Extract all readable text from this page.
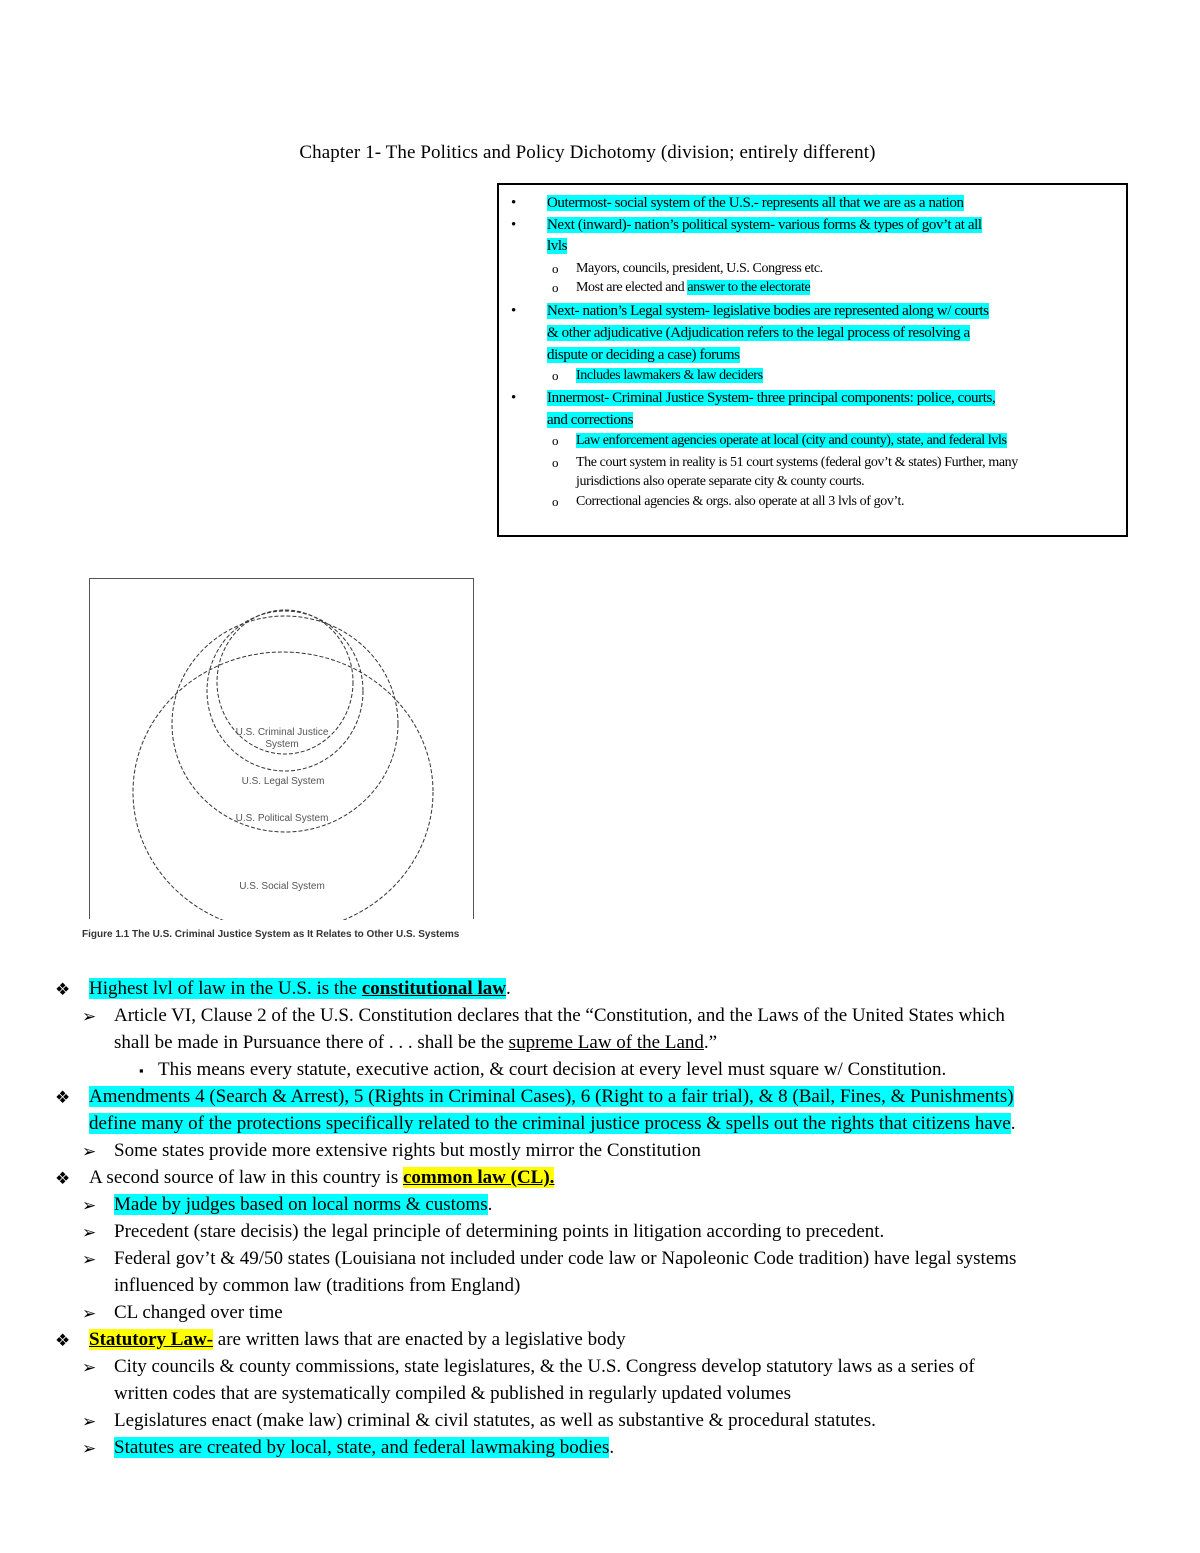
Chapter 1- The Politics and Policy Dichotomy (division; entirely different)
• Outermost- social system of the U.S.- represents all that we are as a nation
• Next (inward)- nation’s political system- various forms & types of gov’t at all
lvls
o Mayors, councils, president, U.S. Congress etc.
o Most are elected and answer to the electorate
• Next- nation’s Legal system- legislative bodies are represented along w/ courts
& other adjudicative (Adjudication refers to the legal process of resolving a
dispute or deciding a case) forums
o Includes lawmakers & law deciders
• Innermost- Criminal Justice System- three principal components: police, courts,
and corrections
o Law enforcement agencies operate at local (city and county), state, and federal lvls
o The court system in reality is 51 court systems (federal gov’t & states) Further, many
jurisdictions also operate separate city & county courts.
o Correctional agencies & orgs. also operate at all 3 lvls of gov’t.
U.S. Criminal Justice
System
U.S. Legal System
U.S. Political System
U.S. Social System
Figure 1.1 The U.S. Criminal Justice System as It Relates to Other U.S. Systems
❖ Highest lvl of law in the U.S. is the constitutional law.
➢ Article VI, Clause 2 of the U.S. Constitution declares that the “Constitution, and the Laws of the United States which
shall be made in Pursuance there of . . . shall be the supreme Law of the Land.”
▪ This means every statute, executive action, & court decision at every level must square w/ Constitution.
❖ Amendments 4 (Search & Arrest), 5 (Rights in Criminal Cases), 6 (Right to a fair trial), & 8 (Bail, Fines, & Punishments)
define many of the protections specifically related to the criminal justice process & spells out the rights that citizens have.
➢ Some states provide more extensive rights but mostly mirror the Constitution
❖ A second source of law in this country is common law (CL).
➢ Made by judges based on local norms & customs.
➢ Precedent (stare decisis) the legal principle of determining points in litigation according to precedent.
➢ Federal gov’t & 49/50 states (Louisiana not included under code law or Napoleonic Code tradition) have legal systems
influenced by common law (traditions from England)
➢ CL changed over time
❖ Statutory Law- are written laws that are enacted by a legislative body
➢ City councils & county commissions, state legislatures, & the U.S. Congress develop statutory laws as a series of
written codes that are systematically compiled & published in regularly updated volumes
➢ Legislatures enact (make law) criminal & civil statutes, as well as substantive & procedural statutes.
➢ Statutes are created by local, state, and federal lawmaking bodies.
